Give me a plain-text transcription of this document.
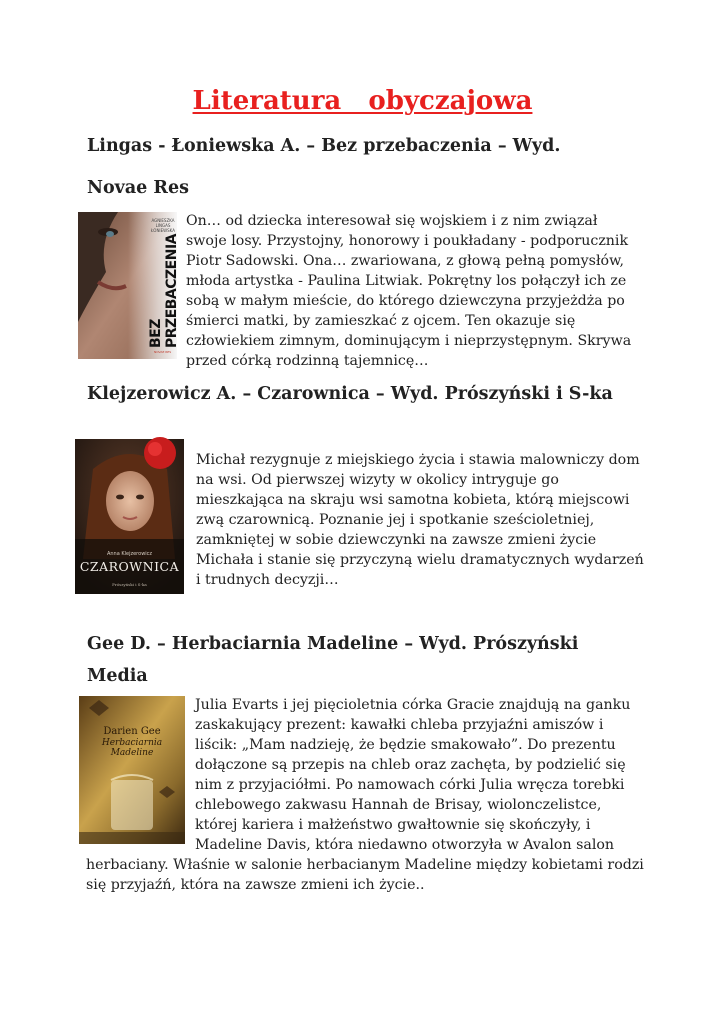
Literatura   obyczajowa
Lingas - Łoniewska A. – Bez przebaczenia – Wyd.
Novae Res
AGNIESZKA LINGAS ŁONIEWSKA
BEZ PRZEBACZENIA
NOVAE RES

On… od dziecka interesował się wojskiem i z nim związał swoje losy. Przystojny, honorowy i poukładany - podporucznik Piotr Sadowski. Ona… zwariowana, z głową pełną pomysłów, młoda artystka - Paulina Litwiak. Pokrętny los połączył ich ze sobą w małym mieście, do którego dziewczyna przyjeżdża po śmierci matki, by zamieszkać z ojcem. Ten okazuje się człowiekiem zimnym, dominującym i nieprzystępnym. Skrywa przed córką rodzinną tajemnicę…

Klejzerowicz A. – Czarownica – Wyd. Prószyński i S-ka
Anna Klejzerowicz
CZAROWNICA
Prószyński i S-ka

Michał rezygnuje z miejskiego życia i stawia malowniczy dom na wsi. Od pierwszej wizyty w okolicy intryguje go mieszkająca na skraju wsi samotna kobieta, którą miejscowi zwą czarownicą. Poznanie jej i spotkanie sześcioletniej, zamkniętej w sobie dziewczynki na zawsze zmieni życie Michała i stanie się przyczyną wielu dramatycznych wydarzeń i trudnych decyzji…

Gee D. – Herbaciarnia Madeline – Wyd. Prószyński
Media
Darien Gee
Herbaciarnia Madeline
Julia Evarts i jej pięcioletnia córka Gracie znajdują na ganku
zaskakujący prezent: kawałki chleba przyjaźni amiszów i
liścik: „Mam nadzieję, że będzie smakowało”. Do prezentu
dołączone są przepis na chleb oraz zachęta, by podzielić się
nim z przyjaciółmi. Po namowach córki Julia wręcza torebki
chlebowego zakwasu Hannah de Brisay, wiolonczelistce,
której kariera i małżeństwo gwałtownie się skończyły, i
Madeline Davis, która niedawno otworzyła w Avalon salon
herbaciany. Właśnie w salonie herbacianym Madeline między kobietami rodzi
się przyjaźń, która na zawsze zmieni ich życie..
